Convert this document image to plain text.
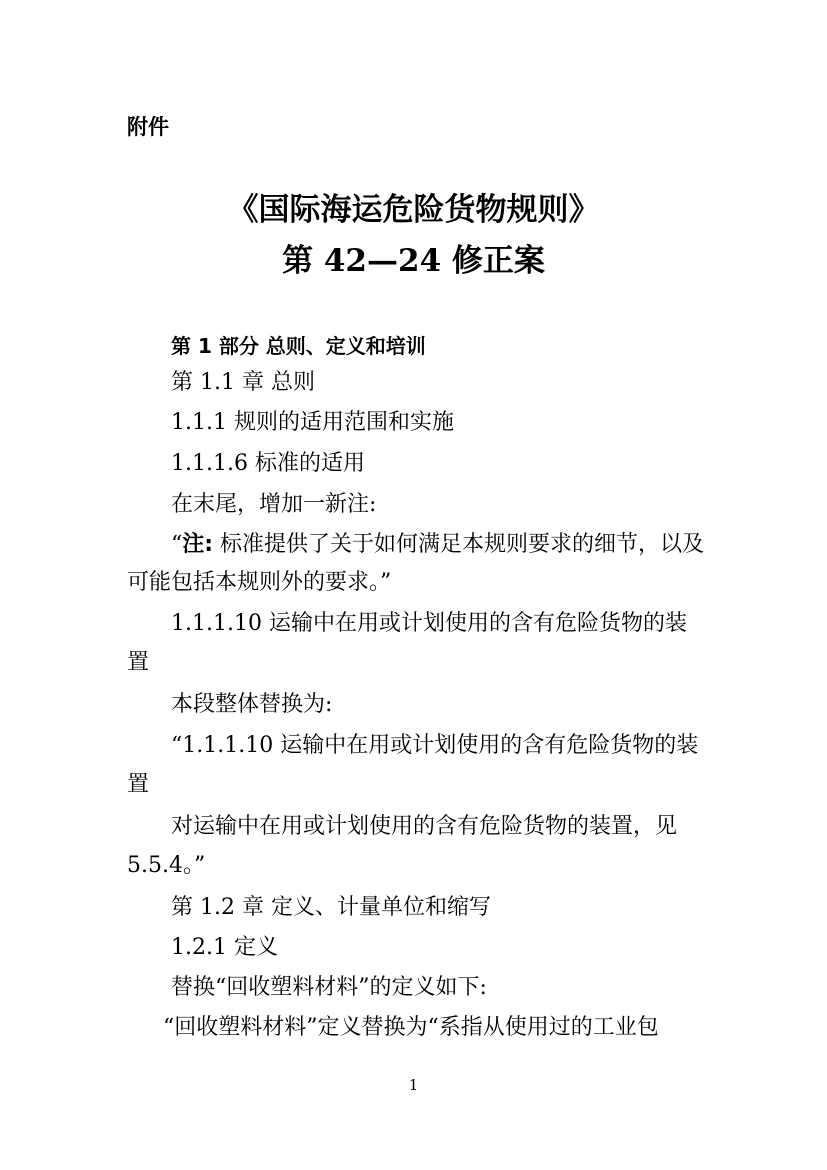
附件
《国际海运危险货物规则》
第 42—24 修正案
第 1 部分 总则、定义和培训
第 1.1 章 总则
1.1.1 规则的适用范围和实施
1.1.1.6 标准的适用
在末尾，增加一新注:
“注: 标准提供了关于如何满足本规则要求的细节，以及
可能包括本规则外的要求。”
1.1.1.10 运输中在用或计划使用的含有危险货物的装
置
本段整体替换为:
“1.1.1.10 运输中在用或计划使用的含有危险货物的装
置
对运输中在用或计划使用的含有危险货物的装置，见
5.5.4。”
第 1.2 章 定义、计量单位和缩写
1.2.1 定义
替换“回收塑料材料”的定义如下:
“回收塑料材料”定义替换为“系指从使用过的工业包
1
